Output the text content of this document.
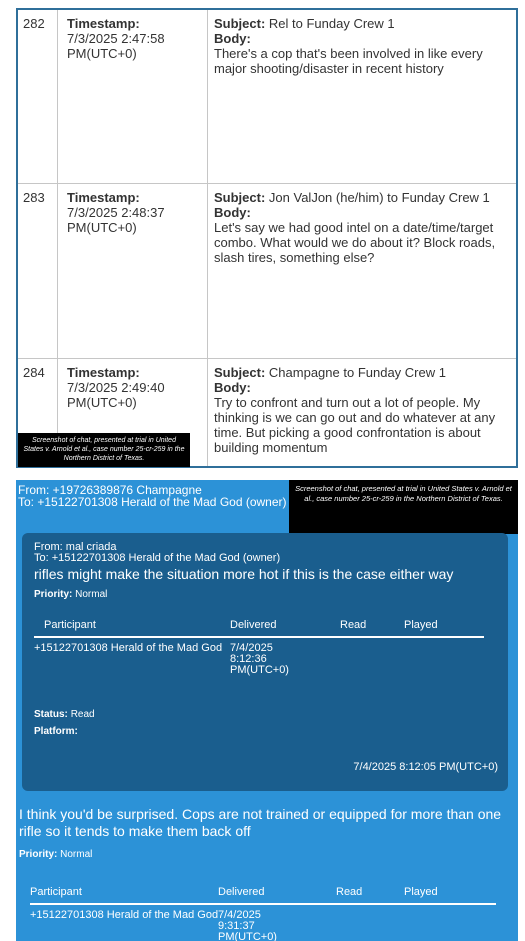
282	Timestamp:
7/3/2025 2:47:58 PM(UTC+0)
Subject: Rel to Funday Crew 1
Body:
There's a cop that's been involved in like every major shooting/disaster in recent history
283	Timestamp:
7/3/2025 2:48:37 PM(UTC+0)
Subject: Jon ValJon (he/him) to Funday Crew 1
Body:
Let's say we had good intel on a date/time/target combo. What would we do about it? Block roads, slash tires, something else?
284	Timestamp:
7/3/2025 2:49:40 PM(UTC+0)
Subject: Champagne to Funday Crew 1
Body:
Try to confront and turn out a lot of people. My thinking is we can go out and do whatever at any time. But picking a good confrontation is about building momentum
Screenshot of chat, presented at trial in United States v. Arnold et al., case number 25-cr-259 in the Northern District of Texas.
From: +19726389876 Champagne
To: +15122701308 Herald of the Mad God (owner)
Screenshot of chat, presented at trial in United States v. Arnold et al., case number 25-cr-259 in the Northern District of Texas.
From: mal criada
To: +15122701308 Herald of the Mad God (owner)
rifles might make the situation more hot if this is the case either way
Priority: Normal
Participant	Delivered	Read	Played
+15122701308 Herald of the Mad God 7/4/2025 8:12:36
PM(UTC+0)
Status: Read
Platform:
7/4/2025 8:12:05 PM(UTC+0)
I think you'd be surprised. Cops are not trained or equipped for more than one rifle so it tends to make them back off
Priority: Normal
Participant	Delivered	Read	Played
+15122701308 Herald of the Mad God 7/4/2025 9:31:37
PM(UTC+0)
